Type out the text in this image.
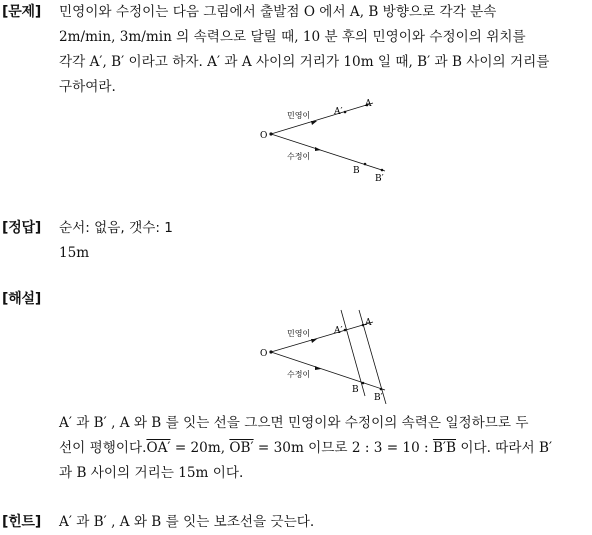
[문제] 민영이와 수정이는 다음 그림에서 출발점 O 에서 A, B 방향으로 각각 분속
2m/min, 3m/min 의 속력으로 달릴 때, 10 분 후의 민영이와 수정이의 위치를
각각 A′, B′ 이라고 하자. A′ 과 A 사이의 거리가 10m 일 때, B′ 과 B 사이의 거리를
구하여라.
O
민영이	A′
A
수정이
B
B′
[정답] 순서: 없음, 갯수: 1
15m
[해설]
O
민영이	A′
A
수정이
B
B′
A′ 과 B′ , A 와 B 를 잇는 선을 그으면 민영이와 수정이의 속력은 일정하므로 두
선이 평행이다.OA′ = 20m, OB′ = 30m 이므로 2 : 3 = 10 : B′B 이다. 따라서 B′
과 B 사이의 거리는 15m 이다.
[힌트] A′ 과 B′ , A 와 B 를 잇는 보조선을 긋는다.
